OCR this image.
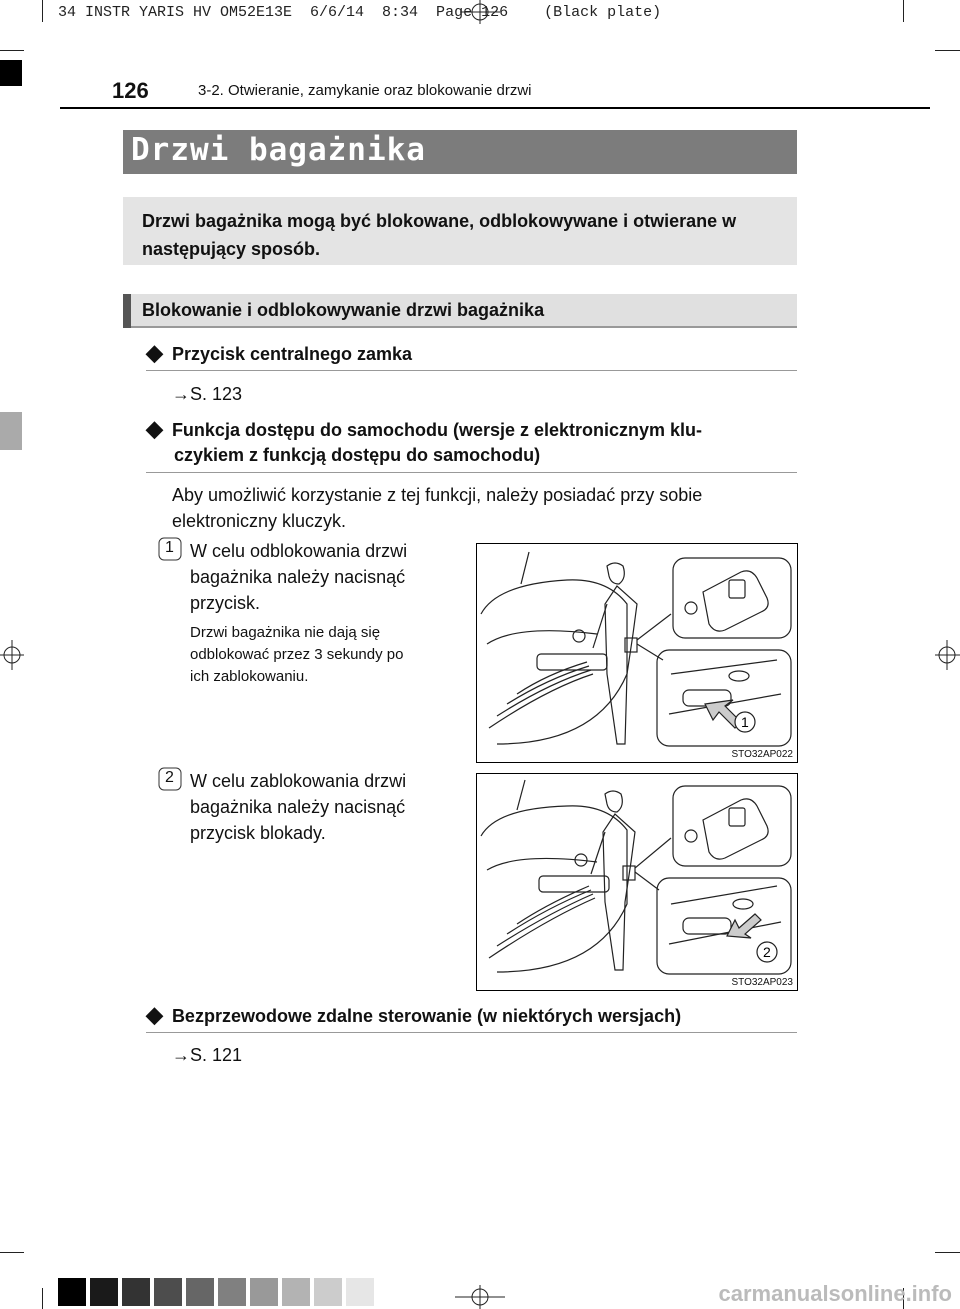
34 INSTR YARIS HV OM52E13E  6/6/14  8:34  Page 126    (Black plate)
126	3-2. Otwieranie, zamykanie oraz blokowanie drzwi
Drzwi bagażnika
Drzwi bagażnika mogą być blokowane, odblokowywane i otwierane w następujący sposób.
Blokowanie i odblokowywanie drzwi bagażnika
◆ Przycisk centralnego zamka
→S. 123
◆ Funkcja dostępu do samochodu (wersje z elektronicznym klu-
czykiem z funkcją dostępu do samochodu)
Aby umożliwić korzystanie z tej funkcji, należy posiadać przy sobie
elektroniczny kluczyk.
1 W celu odblokowania drzwi
bagażnika należy nacisnąć
przycisk.
Drzwi bagażnika nie dają się
odblokować przez 3 sekundy po
ich zablokowaniu.
1
STO32AP022
2 W celu zablokowania drzwi
bagażnika należy nacisnąć
przycisk blokady.
2
STO32AP023
◆ Bezprzewodowe zdalne sterowanie (w niektórych wersjach)
→S. 121
carmanualsonline.info
